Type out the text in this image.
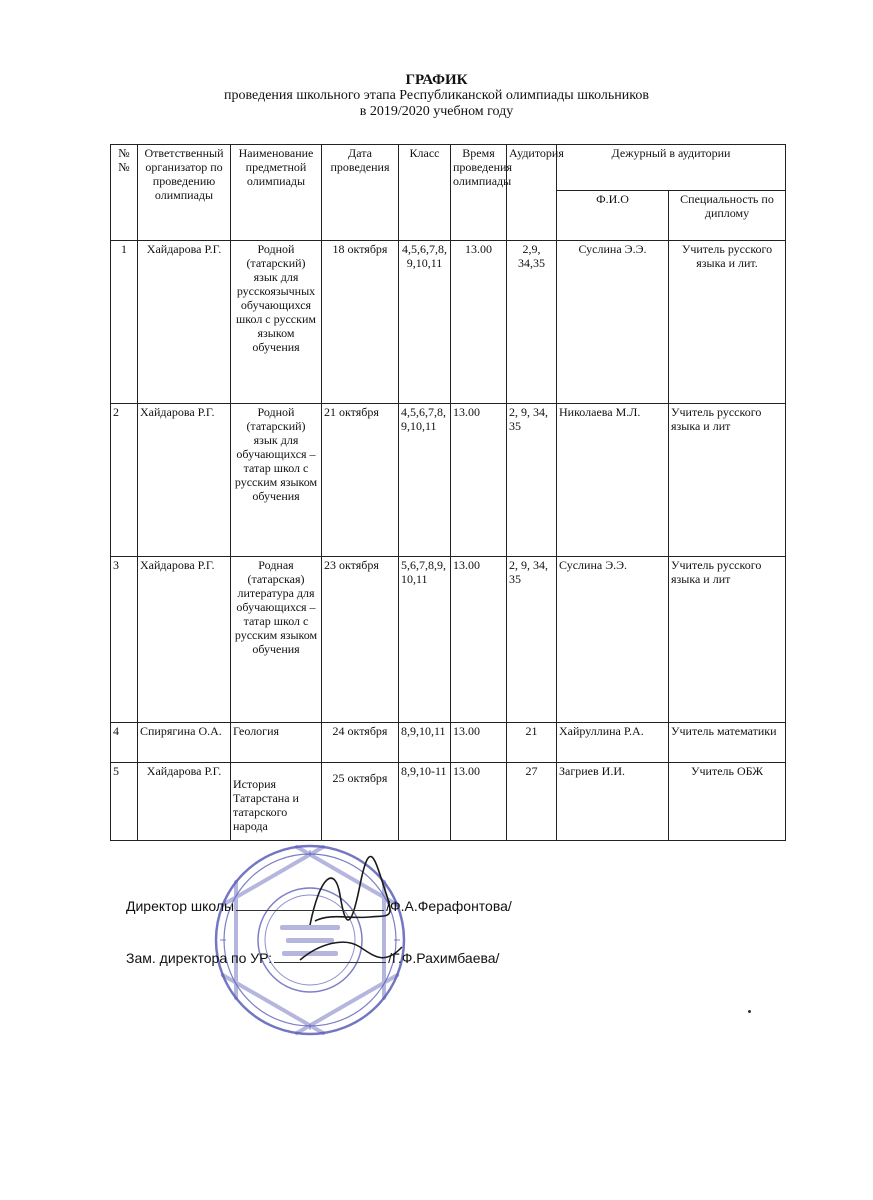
ГРАФИК
проведения школьного этапа Республиканской олимпиады школьников
в 2019/2020 учебном году
№ №	Ответственный организатор по проведению олимпиады	Наименование предметной олимпиады	Дата проведения	Класс	Время проведения олимпиады	Аудитория	Дежурный в аудитории	
							Ф.И.О	Специальность по диплому
1	Хайдарова Р.Г.	Родной (татарский) язык для русскоязычных обучающихся школ с русским языком обучения	18 октября	4,5,6,7,8, 9,10,11	13.00	2,9, 34,35	Суслина Э.Э.	Учитель русского языка и лит.
2	Хайдарова Р.Г.	Родной (татарский) язык для обучающихся – татар школ с русским языком обучения	21 октября	4,5,6,7,8, 9,10,11	13.00	2, 9, 34, 35	Николаева М.Л.	Учитель русского языка и лит
3	Хайдарова Р.Г.	Родная (татарская) литература для обучающихся – татар школ с русским языком обучения	23 октября	5,6,7,8,9, 10,11	13.00	2, 9, 34, 35	Суслина Э.Э.	Учитель русского языка и лит
4	Спирягина О.А.	Геология	24 октября	8,9,10,11	13.00	21	Хайруллина Р.А.	Учитель математики
5	Хайдарова Р.Г.	История Татарстана и татарского народа	25 октября	8,9,10-11	13.00	27	Загриев И.И.	Учитель ОБЖ
Директор школы	/Ф.А.Ферафонтова/
Зам. директора по УР:	/Г.Ф.Рахимбаева/
